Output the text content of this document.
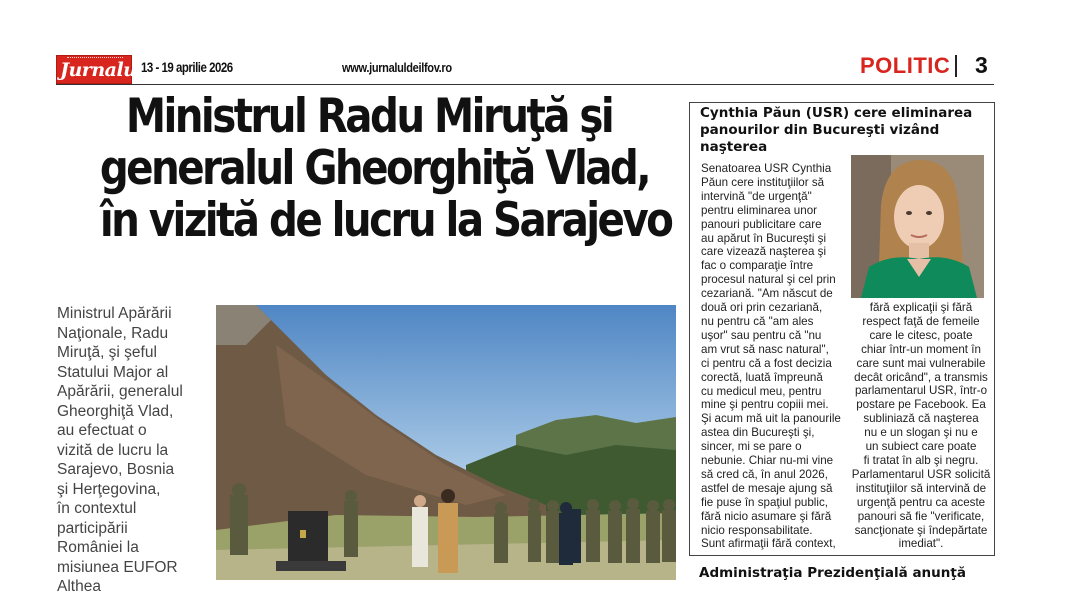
Jurnalul
13 - 19 aprilie 2026	www.jurnaluldeilfov.ro	POLITIC 3
Ministrul Radu Miruţă şi
generalul Gheorghiţă Vlad,
în vizită de lucru la Sarajevo
Ministrul Apărării
Naţionale, Radu
Miruţă, şi şeful
Statului Major al
Apărării, generalul
Gheorghiţă Vlad,
au efectuat o
vizită de lucru la
Sarajevo, Bosnia
şi Herţegovina,
în contextul
participării
României la
misiunea EUFOR
Althea
Cynthia Păun (USR) cere eliminarea panourilor din Bucureşti vizând naşterea
Senatoarea USR Cynthia
Păun cere instituţiilor să
intervină "de urgenţă"
pentru eliminarea unor
panouri publicitare care
au apărut în Bucureşti şi
care vizează naşterea şi
fac o comparaţie între
procesul natural şi cel prin
cezariană. "Am născut de
două ori prin cezariană,
nu pentru că "am ales
uşor" sau pentru că "nu
am vrut să nasc natural",
ci pentru că a fost decizia
corectă, luată împreună
cu medicul meu, pentru
mine şi pentru copiii mei.
Şi acum mă uit la panourile
astea din Bucureşti şi,
sincer, mi se pare o
nebunie. Chiar nu-mi vine
să cred că, în anul 2026,
astfel de mesaje ajung să
fie puse în spaţiul public,
fără nicio asumare şi fără
nicio responsabilitate.
Sunt afirmaţii fără context,
fără explicaţii şi fără
respect faţă de femeile
care le citesc, poate
chiar într-un moment în
care sunt mai vulnerabile
decât oricând", a transmis
parlamentarul USR, într-o
postare pe Facebook. Ea
subliniază că naşterea
nu e un slogan şi nu e
un subiect care poate
fi tratat în alb şi negru.
Parlamentarul USR solicită
instituţiilor să intervină de
urgenţă pentru ca aceste
panouri să fie "verificate,
sancţionate şi îndepărtate
imediat".
Administraţia Prezidenţială anunţă
